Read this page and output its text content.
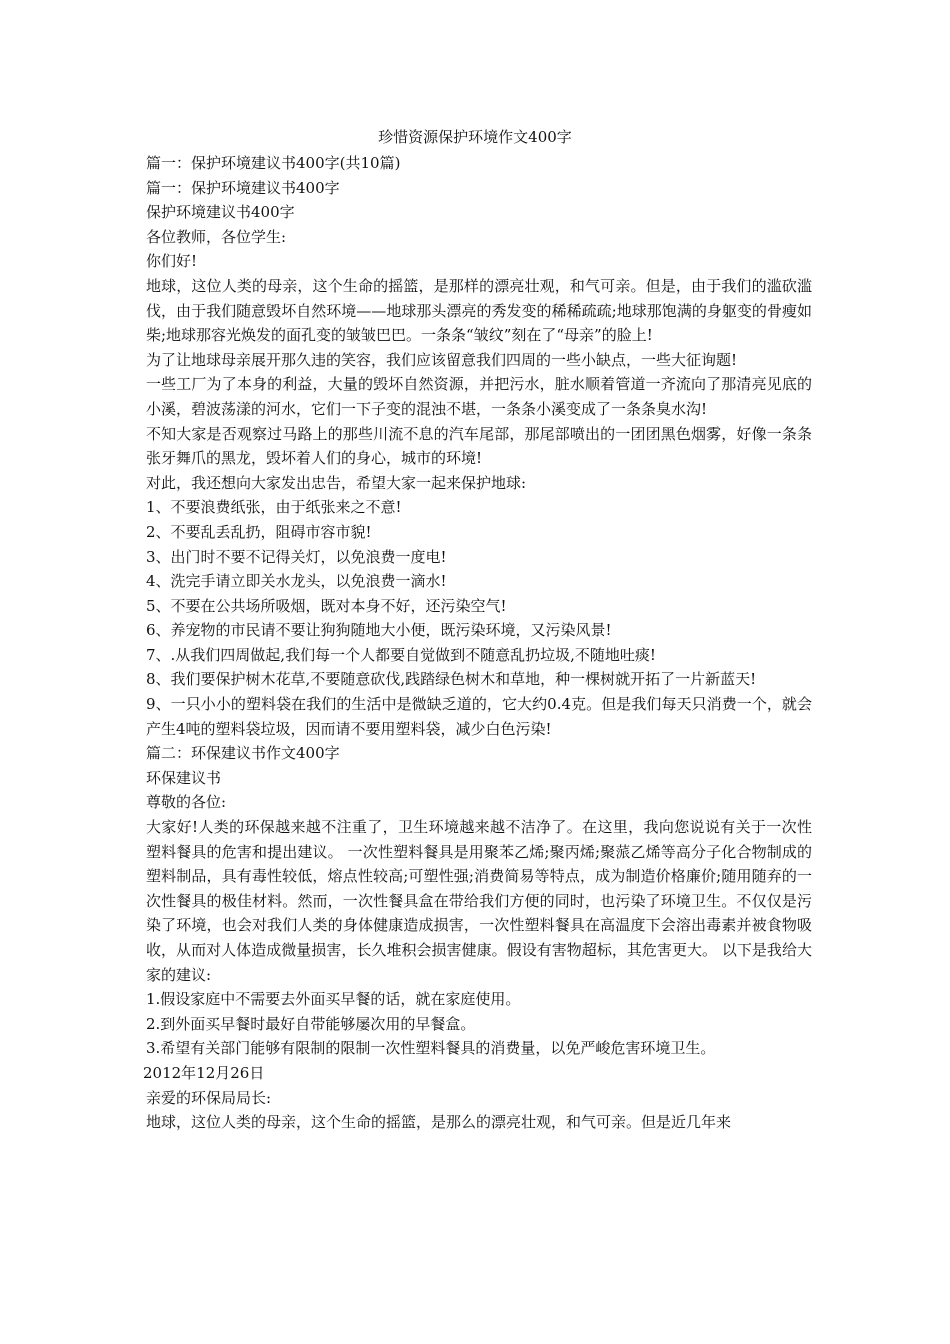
珍惜资源保护环境作文400字

篇一：保护环境建议书400字(共10篇)

篇一：保护环境建议书400字

保护环境建议书400字

各位教师，各位学生:

你们好!

地球，这位人类的母亲，这个生命的摇篮，是那样的漂亮壮观，和气可亲。但是，由于我们的滥砍滥伐，由于我们随意毁坏自然环境——地球那头漂亮的秀发变的稀稀疏疏;地球那饱满的身躯变的骨瘦如柴;地球那容光焕发的面孔变的皱皱巴巴。一条条“皱纹”刻在了“母亲”的脸上!

为了让地球母亲展开那久违的笑容，我们应该留意我们四周的一些小缺点，一些大征询题!

一些工厂为了本身的利益，大量的毁坏自然资源，并把污水，脏水顺着管道一齐流向了那清亮见底的小溪，碧波荡漾的河水，它们一下子变的混浊不堪，一条条小溪变成了一条条臭水沟!

不知大家是否观察过马路上的那些川流不息的汽车尾部，那尾部喷出的一团团黑色烟雾，好像一条条张牙舞爪的黑龙，毁坏着人们的身心，城市的环境!

对此，我还想向大家发出忠告，希望大家一起来保护地球:

1、不要浪费纸张，由于纸张来之不意!

2、不要乱丢乱扔，阻碍市容市貌!

3、出门时不要不记得关灯，以免浪费一度电!

4、洗完手请立即关水龙头，以免浪费一滴水!

5、不要在公共场所吸烟，既对本身不好，还污染空气!

6、养宠物的市民请不要让狗狗随地大小便，既污染环境，又污染风景!

7、.从我们四周做起,我们每一个人都要自觉做到不随意乱扔垃圾,不随地吐痰!

8、我们要保护树木花草,不要随意砍伐,践踏绿色树木和草地，种一棵树就开拓了一片新蓝天!

9、一只小小的塑料袋在我们的生活中是微缺乏道的，它大约0.4克。但是我们每天只消费一个，就会产生4吨的塑料袋垃圾，因而请不要用塑料袋，减少白色污染!

篇二：环保建议书作文400字

环保建议书

尊敬的各位:

大家好!人类的环保越来越不注重了，卫生环境越来越不洁净了。在这里，我向您说说有关于一次性塑料餐具的危害和提出建议。 一次性塑料餐具是用聚苯乙烯;聚丙烯;聚蒎乙烯等高分子化合物制成的塑料制品，具有毒性较低，熔点性较高;可塑性强;消费简易等特点，成为制造价格廉价;随用随弃的一次性餐具的极佳材料。然而，一次性餐具盒在带给我们方便的同时，也污染了环境卫生。不仅仅是污染了环境，也会对我们人类的身体健康造成损害，一次性塑料餐具在高温度下会溶出毒素并被食物吸收，从而对人体造成微量损害，长久堆积会损害健康。假设有害物超标，其危害更大。 以下是我给大家的建议:

1.假设家庭中不需要去外面买早餐的话，就在家庭使用。

2.到外面买早餐时最好自带能够屡次用的早餐盒。

3.希望有关部门能够有限制的限制一次性塑料餐具的消费量，以免严峻危害环境卫生。

2012年12月26日

亲爱的环保局局长:

地球，这位人类的母亲，这个生命的摇篮，是那么的漂亮壮观，和气可亲。但是近几年来
